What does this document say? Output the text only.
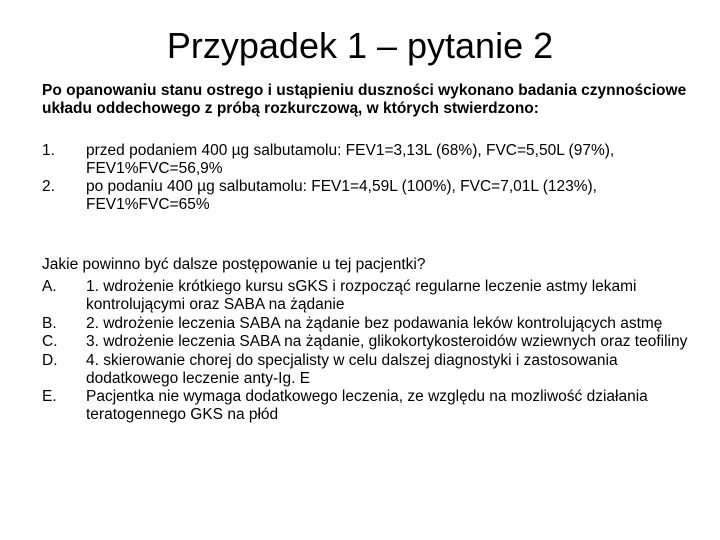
Przypadek 1 – pytanie 2
Po opanowaniu stanu ostrego i ustąpieniu duszności wykonano badania czynnościowe układu oddechowego z próbą rozkurczową, w których stwierdzono:
1.	przed podaniem 400 µg salbutamolu: FEV1=3,13L (68%), FVC=5,50L (97%), FEV1%FVC=56,9%
2.	po podaniu 400 µg salbutamolu: FEV1=4,59L (100%), FVC=7,01L (123%), FEV1%FVC=65%
Jakie powinno być dalsze postępowanie u tej pacjentki?
A.	1. wdrożenie krótkiego kursu sGKS i rozpocząć regularne leczenie astmy lekami kontrolującymi oraz SABA na żądanie
B.	2. wdrożenie leczenia SABA na żądanie bez podawania leków kontrolujących astmę
C.	3. wdrożenie leczenia SABA na żądanie, glikokortykosteroidów wziewnych oraz teofiliny
D.	4. skierowanie chorej do specjalisty w celu dalszej diagnostyki i zastosowania dodatkowego leczenie anty-Ig. E
E.	Pacjentka nie wymaga dodatkowego leczenia, ze względu na mozliwość działania teratogennego GKS na płód
